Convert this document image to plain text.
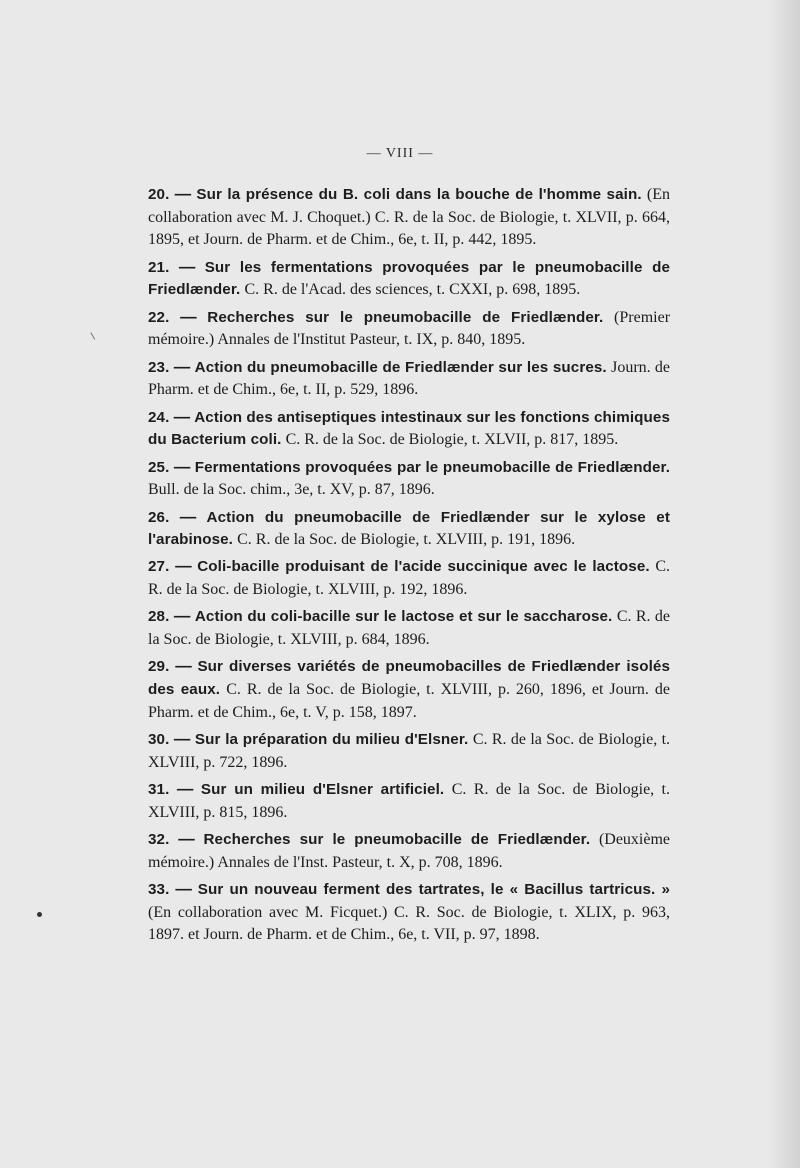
— VIII —

20. — Sur la présence du B. coli dans la bouche de l'homme sain. (En collaboration avec M. J. Choquet.) C. R. de la Soc. de Biologie, t. XLVII, p. 664, 1895, et Journ. de Pharm. et de Chim., 6e, t. II, p. 442, 1895.

21. — Sur les fermentations provoquées par le pneumobacille de Friedlænder. C. R. de l'Acad. des sciences, t. CXXI, p. 698, 1895.

22. — Recherches sur le pneumobacille de Friedlænder. (Premier mémoire.) Annales de l'Institut Pasteur, t. IX, p. 840, 1895.

23. — Action du pneumobacille de Friedlænder sur les sucres. Journ. de Pharm. et de Chim., 6e, t. II, p. 529, 1896.

24. — Action des antiseptiques intestinaux sur les fonctions chimiques du Bacterium coli. C. R. de la Soc. de Biologie, t. XLVII, p. 817, 1895.

25. — Fermentations provoquées par le pneumobacille de Friedlænder. Bull. de la Soc. chim., 3e, t. XV, p. 87, 1896.

26. — Action du pneumobacille de Friedlænder sur le xylose et l'arabinose. C. R. de la Soc. de Biologie, t. XLVIII, p. 191, 1896.

27. — Coli-bacille produisant de l'acide succinique avec le lactose. C. R. de la Soc. de Biologie, t. XLVIII, p. 192, 1896.

28. — Action du coli-bacille sur le lactose et sur le saccharose. C. R. de la Soc. de Biologie, t. XLVIII, p. 684, 1896.

29. — Sur diverses variétés de pneumobacilles de Friedlænder isolés des eaux. C. R. de la Soc. de Biologie, t. XLVIII, p. 260, 1896, et Journ. de Pharm. et de Chim., 6e, t. V, p. 158, 1897.

30. — Sur la préparation du milieu d'Elsner. C. R. de la Soc. de Biologie, t. XLVIII, p. 722, 1896.

31. — Sur un milieu d'Elsner artificiel. C. R. de la Soc. de Biologie, t. XLVIII, p. 815, 1896.

32. — Recherches sur le pneumobacille de Friedlænder. (Deuxième mémoire.) Annales de l'Inst. Pasteur, t. X, p. 708, 1896.

33. — Sur un nouveau ferment des tartrates, le « Bacillus tartricus. » (En collaboration avec M. Ficquet.) C. R. Soc. de Biologie, t. XLIX, p. 963, 1897. et Journ. de Pharm. et de Chim., 6e, t. VII, p. 97, 1898.
